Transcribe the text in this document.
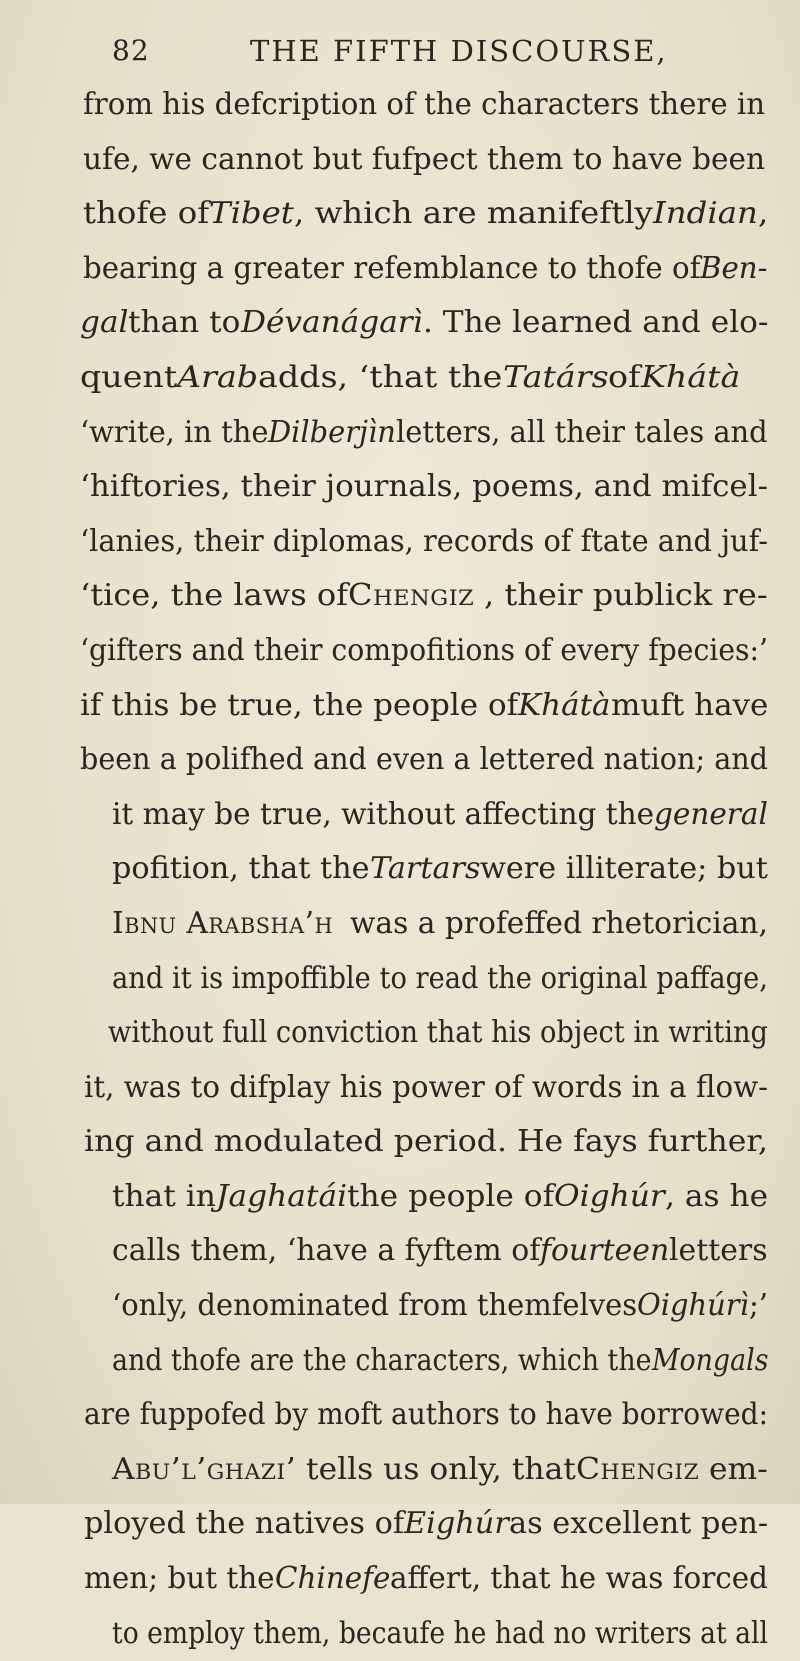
82	THE FIFTH DISCOURSE,
from his defcription of the characters there in
ufe, we cannot but fufpect them to have been
thofe of Tibet , which are manifeftly Indian ,
bearing a greater refemblance to thofe of Ben-
gal than to Dévanágarì . The learned and elo-
quent Arab adds, ‘that the Tatárs of Khátà
‘write, in the Dilberjìn letters, all their tales and
‘hiftories, their journals, poems, and mifcel-
‘lanies, their diplomas, records of ftate and juf-
‘tice, the laws of Chengiz , their publick re-
‘gifters and their compofitions of every fpecies:’
if this be true, the people of Khátà muft have
been a polifhed and even a lettered nation; and
it may be true, without affecting the general
pofition, that the Tartars were illiterate; but
Ibnu Arabsha’h was a profeffed rhetorician,
and it is impoffible to read the original paffage,
without full conviction that his object in writing
it, was to difplay his power of words in a flow-
ing and modulated period. He fays further,
that in Jaghatái the people of Oighúr , as he
calls them, ‘have a fyftem of fourteen letters
‘only, denominated from themfelves Oighúrì ;’
and thofe are the characters, which the Mongals
are fuppofed by moft authors to have borrowed:
Abu’l’ghazi’ tells us only, that Chengiz em-
ployed the natives of Eighúr as excellent pen-
men; but the Chinefe affert, that he was forced
to employ them, becaufe he had no writers at all
